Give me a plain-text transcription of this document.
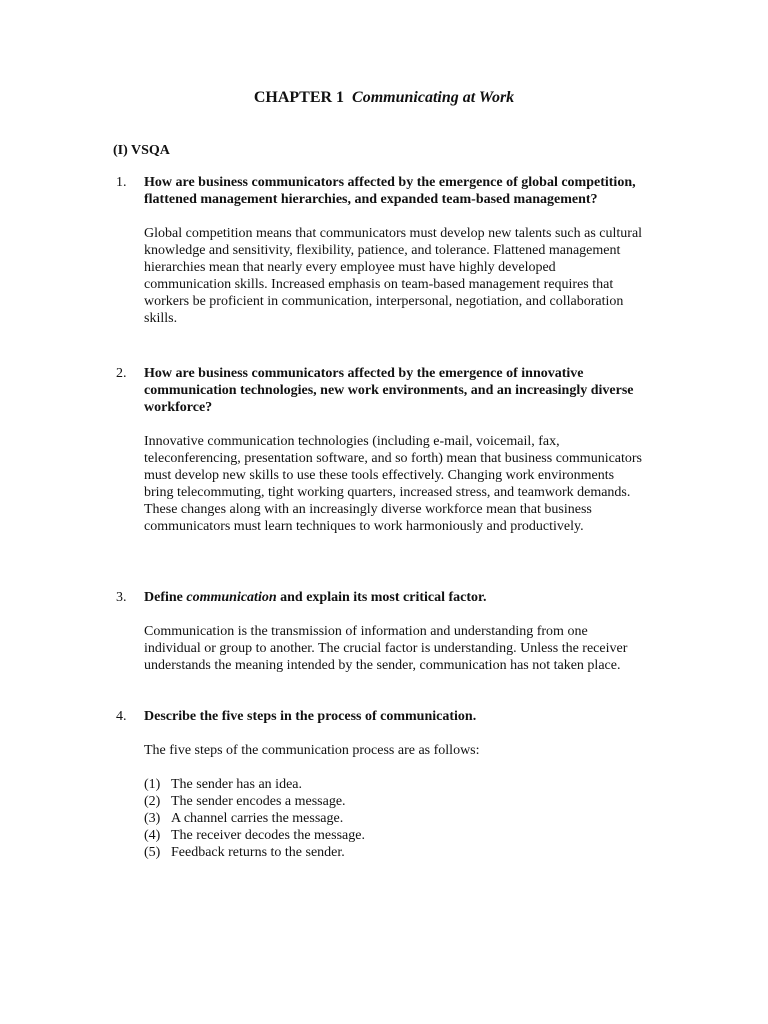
CHAPTER 1 Communicating at Work
(I) VSQA
1. How are business communicators affected by the emergence of global competition, flattened management hierarchies, and expanded team-based management?
Global competition means that communicators must develop new talents such as cultural knowledge and sensitivity, flexibility, patience, and tolerance. Flattened management hierarchies mean that nearly every employee must have highly developed communication skills. Increased emphasis on team-based management requires that workers be proficient in communication, interpersonal, negotiation, and collaboration skills.
2. How are business communicators affected by the emergence of innovative communication technologies, new work environments, and an increasingly diverse workforce?
Innovative communication technologies (including e-mail, voicemail, fax, teleconferencing, presentation software, and so forth) mean that business communicators must develop new skills to use these tools effectively. Changing work environments bring telecommuting, tight working quarters, increased stress, and teamwork demands. These changes along with an increasingly diverse workforce mean that business communicators must learn techniques to work harmoniously and productively.
3. Define communication and explain its most critical factor.
Communication is the transmission of information and understanding from one individual or group to another. The crucial factor is understanding. Unless the receiver understands the meaning intended by the sender, communication has not taken place.
4. Describe the five steps in the process of communication.
The five steps of the communication process are as follows:
(1) The sender has an idea.
(2) The sender encodes a message.
(3) A channel carries the message.
(4) The receiver decodes the message.
(5) Feedback returns to the sender.
